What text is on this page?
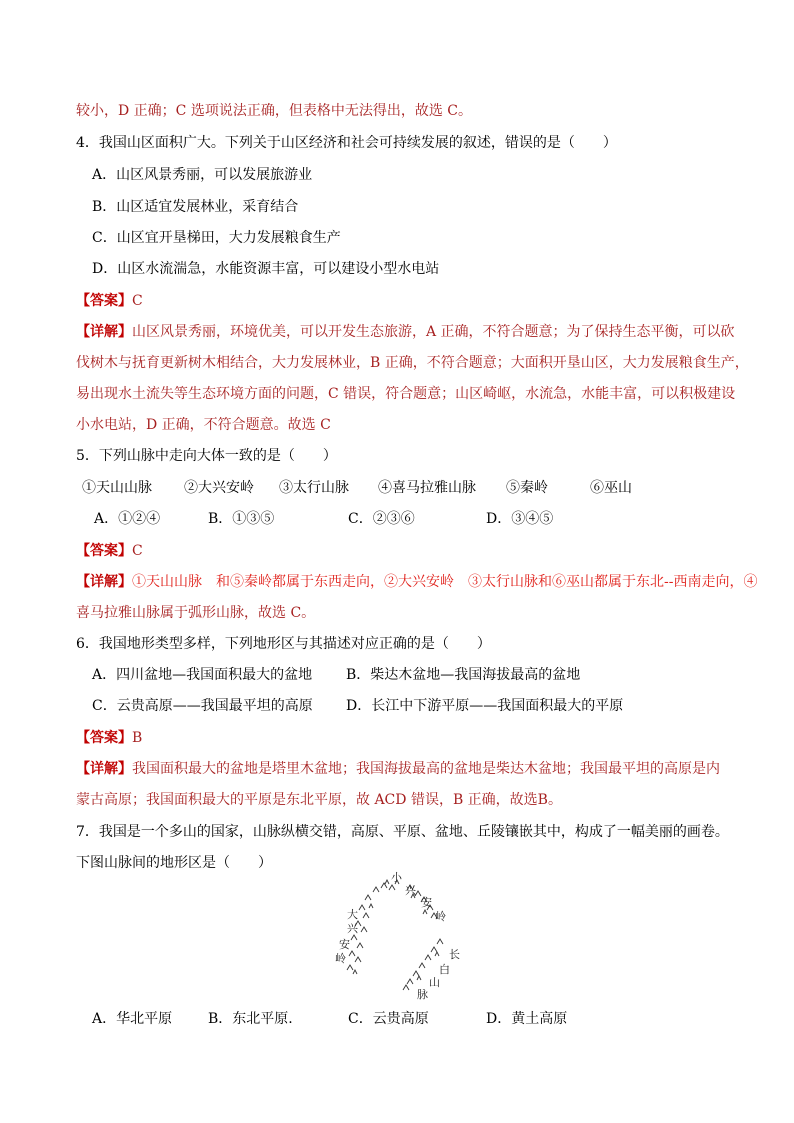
较小，D 正确；C 选项说法正确，但表格中无法得出，故选 C。
4．我国山区面积广大。下列关于山区经济和社会可持续发展的叙述，错误的是（　　）
A．山区风景秀丽，可以发展旅游业
B．山区适宜发展林业，采育结合
C．山区宜开垦梯田，大力发展粮食生产
D．山区水流湍急，水能资源丰富，可以建设小型水电站
【答案】C
【详解】山区风景秀丽，环境优美，可以开发生态旅游，A 正确，不符合题意；为了保持生态平衡，可以砍
伐树木与抚育更新树木相结合，大力发展林业，B 正确，不符合题意；大面积开垦山区，大力发展粮食生产，
易出现水土流失等生态环境方面的问题，C 错误，符合题意；山区崎岖，水流急，水能丰富，可以积极建设
小水电站，D 正确，不符合题意。故选 C
5．下列山脉中走向大体一致的是（　　）
①天山山脉 ②大兴安岭 ③太行山脉 ④喜马拉雅山脉 ⑤秦岭	⑥巫山
A．①②④	B．①③⑤	C．②③⑥	D．③④⑤
【答案】C
【详解】①天山山脉　和⑤秦岭都属于东西走向，②大兴安岭　③太行山脉和⑥巫山都属于东北--西南走向，④
喜马拉雅山脉属于弧形山脉，故选 C。
6．我国地形类型多样，下列地形区与其描述对应正确的是（　　）
A．四川盆地—我国面积最大的盆地	B．柴达木盆地—我国海拔最高的盆地
C．云贵高原——我国最平坦的高原	D．长江中下游平原——我国面积最大的平原
【答案】B
【详解】我国面积最大的盆地是塔里木盆地；我国海拔最高的盆地是柴达木盆地；我国最平坦的高原是内
蒙古高原；我国面积最大的平原是东北平原，故 ACD 错误，B 正确，故选B。
7．我国是一个多山的国家，山脉纵横交错，高原、平原、盆地、丘陵镶嵌其中，构成了一幅美丽的画卷。
下图山脉间的地形区是（　　）
小
兴
安
岭
大
兴
安
岭	长
白
山
脉
A．华北平原	B．东北平原.	C．云贵高原	D．黄土高原
